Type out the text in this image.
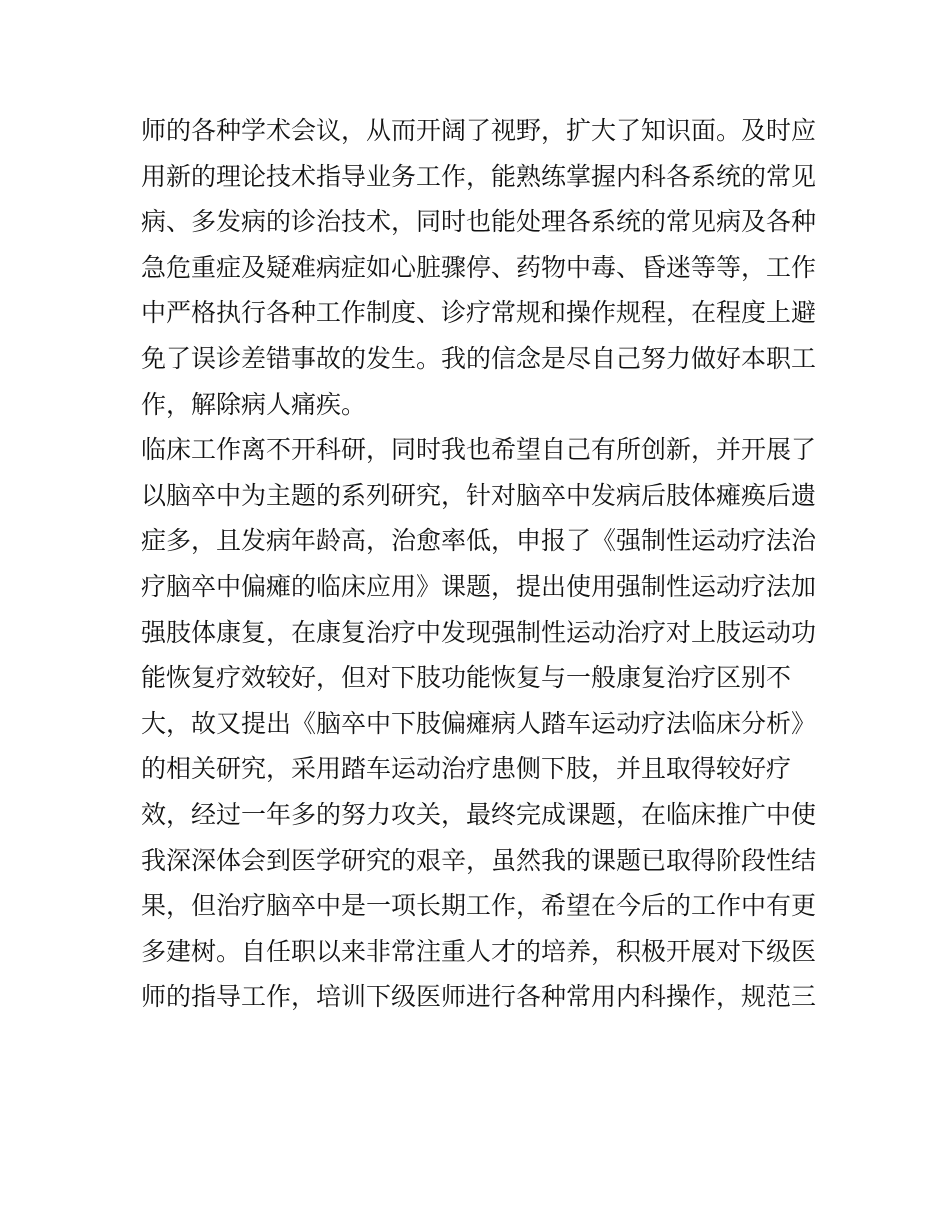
师的各种学术会议，从而开阔了视野，扩大了知识面。及时应
用新的理论技术指导业务工作，能熟练掌握内科各系统的常见
病、多发病的诊治技术，同时也能处理各系统的常见病及各种
急危重症及疑难病症如心脏骤停、药物中毒、昏迷等等，工作
中严格执行各种工作制度、诊疗常规和操作规程，在程度上避
免了误诊差错事故的发生。我的信念是尽自己努力做好本职工
作，解除病人痛疾。
临床工作离不开科研，同时我也希望自己有所创新，并开展了
以脑卒中为主题的系列研究，针对脑卒中发病后肢体瘫痪后遗
症多，且发病年龄高，治愈率低，申报了《强制性运动疗法治
疗脑卒中偏瘫的临床应用》课题，提出使用强制性运动疗法加
强肢体康复，在康复治疗中发现强制性运动治疗对上肢运动功
能恢复疗效较好，但对下肢功能恢复与一般康复治疗区别不
大，故又提出《脑卒中下肢偏瘫病人踏车运动疗法临床分析》
的相关研究，采用踏车运动治疗患侧下肢，并且取得较好疗
效，经过一年多的努力攻关，最终完成课题，在临床推广中使
我深深体会到医学研究的艰辛，虽然我的课题已取得阶段性结
果，但治疗脑卒中是一项长期工作，希望在今后的工作中有更
多建树。自任职以来非常注重人才的培养，积极开展对下级医
师的指导工作，培训下级医师进行各种常用内科操作，规范三
